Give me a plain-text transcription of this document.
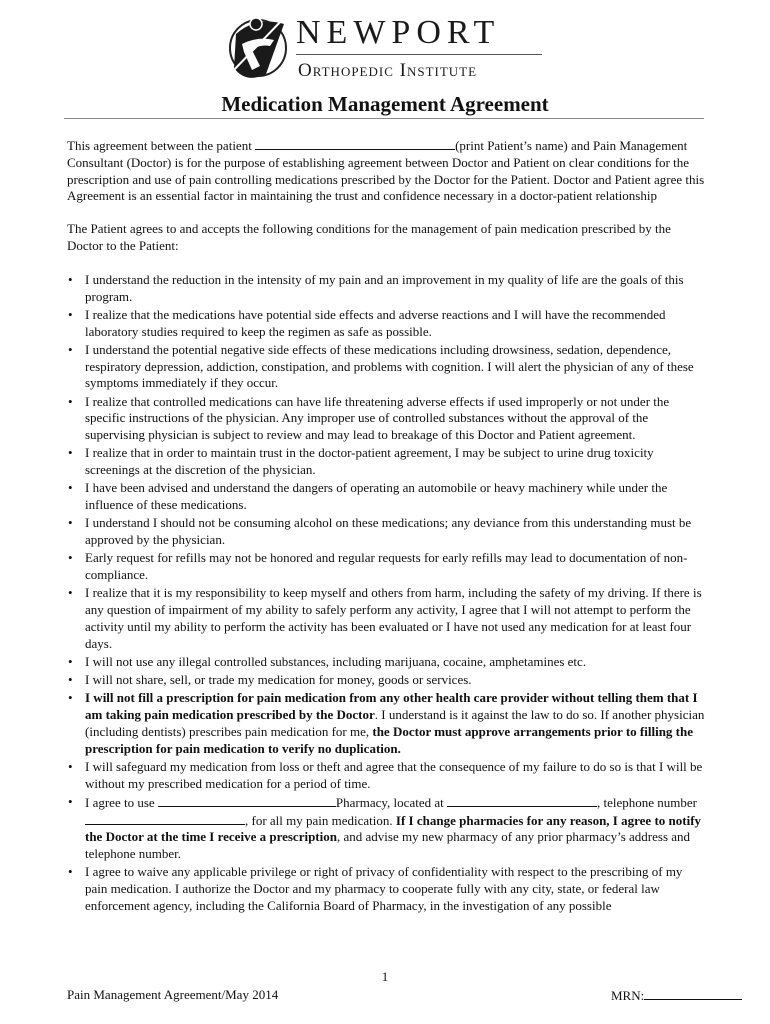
NEWPORT
Orthopedic Institute
Medication Management Agreement

This agreement between the patient	(print Patient’s name) and Pain Management Consultant (Doctor) is for the purpose of establishing agreement between Doctor and Patient on clear conditions for the prescription and use of pain controlling medications prescribed by the Doctor for the Patient. Doctor and Patient agree this Agreement is an essential factor in maintaining the trust and confidence necessary in a doctor-patient relationship

The Patient agrees to and accepts the following conditions for the management of pain medication prescribed by the Doctor to the Patient:

• I understand the reduction in the intensity of my pain and an improvement in my quality of life are the goals of this program.
• I realize that the medications have potential side effects and adverse reactions and I will have the recommended laboratory studies required to keep the regimen as safe as possible.
• I understand the potential negative side effects of these medications including drowsiness, sedation, dependence, respiratory depression, addiction, constipation, and problems with cognition. I will alert the physician of any of these symptoms immediately if they occur.
• I realize that controlled medications can have life threatening adverse effects if used improperly or not under the specific instructions of the physician. Any improper use of controlled substances without the approval of the supervising physician is subject to review and may lead to breakage of this Doctor and Patient agreement.
• I realize that in order to maintain trust in the doctor-patient agreement, I may be subject to urine drug toxicity screenings at the discretion of the physician.
• I have been advised and understand the dangers of operating an automobile or heavy machinery while under the influence of these medications.
• I understand I should not be consuming alcohol on these medications; any deviance from this understanding must be approved by the physician.
• Early request for refills may not be honored and regular requests for early refills may lead to documentation of non-compliance.
• I realize that it is my responsibility to keep myself and others from harm, including the safety of my driving. If there is any question of impairment of my ability to safely perform any activity, I agree that I will not attempt to perform the activity until my ability to perform the activity has been evaluated or I have not used any medication for at least four days.
• I will not use any illegal controlled substances, including marijuana, cocaine, amphetamines etc.
• I will not share, sell, or trade my medication for money, goods or services.
• I will not fill a prescription for pain medication from any other health care provider without telling them that I am taking pain medication prescribed by the Doctor. I understand is it against the law to do so. If another physician (including dentists) prescribes pain medication for me, the Doctor must approve arrangements prior to filling the prescription for pain medication to verify no duplication.
• I will safeguard my medication from loss or theft and agree that the consequence of my failure to do so is that I will be without my prescribed medication for a period of time.
• I agree to use	Pharmacy, located at	, telephone number , for all my pain medication. If I change pharmacies for any reason, I agree to notify the Doctor at the time I receive a prescription, and advise my new pharmacy of any prior pharmacy’s address and telephone number.
• I agree to waive any applicable privilege or right of privacy of confidentiality with respect to the prescribing of my pain medication. I authorize the Doctor and my pharmacy to cooperate fully with any city, state, or federal law enforcement agency, including the California Board of Pharmacy, in the investigation of any possible
1
Pain Management Agreement/May 2014	MRN:
